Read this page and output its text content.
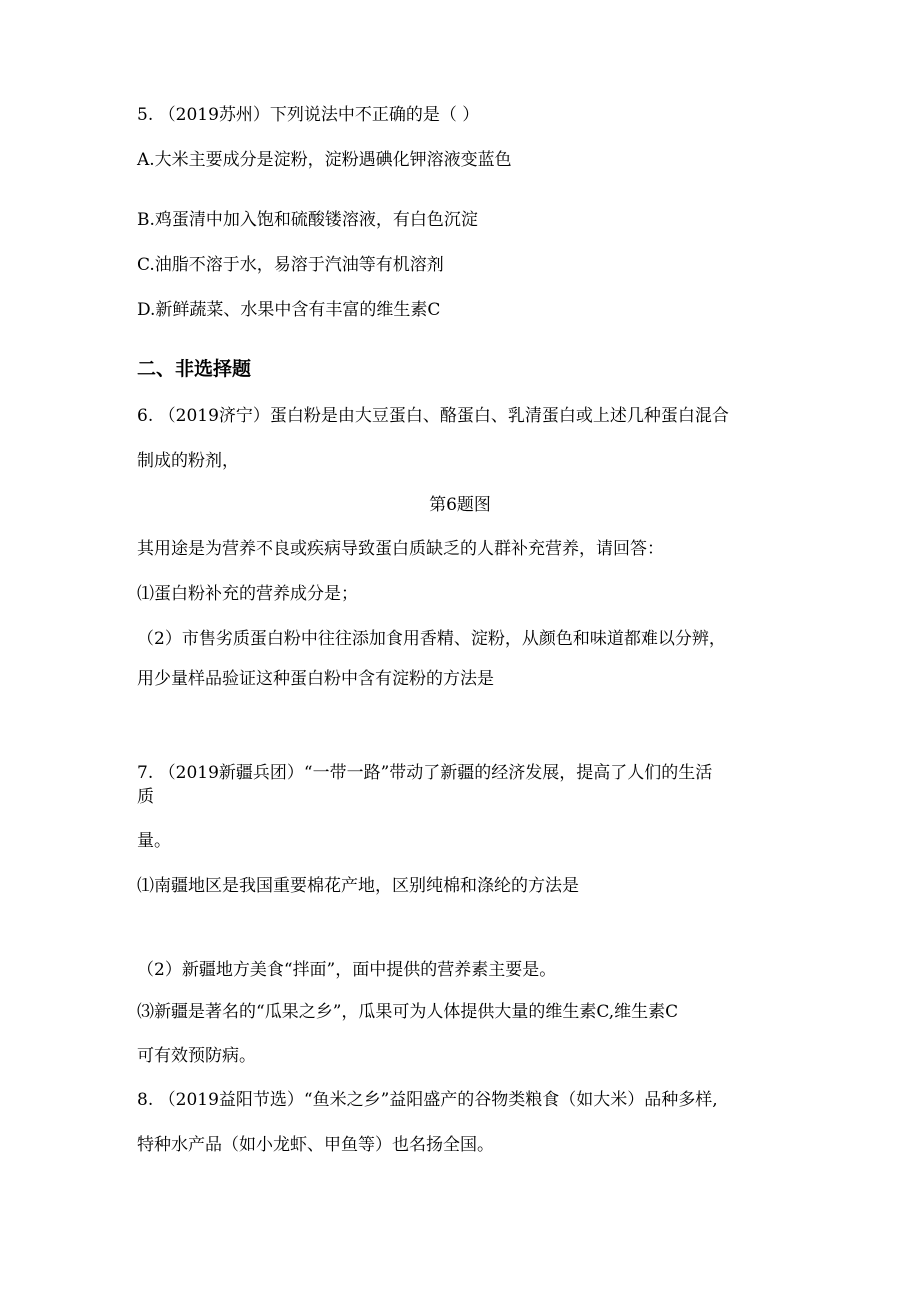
5. （2019苏州）下列说法中不正确的是（ ）
A.大米主要成分是淀粉，淀粉遇碘化钾溶液变蓝色
B.鸡蛋清中加入饱和硫酸镂溶液，有白色沉淀
C.油脂不溶于水，易溶于汽油等有机溶剂
D.新鲜蔬菜、水果中含有丰富的维生素C
二、非选择题
6. （2019济宁）蛋白粉是由大豆蛋白、酪蛋白、乳清蛋白或上述几种蛋白混合
制成的粉剂，
第6题图
其用途是为营养不良或疾病导致蛋白质缺乏的人群补充营养，请回答：
⑴蛋白粉补充的营养成分是；
（2）市售劣质蛋白粉中往往添加食用香精、淀粉，从颜色和味道都难以分辨，
用少量样品验证这种蛋白粉中含有淀粉的方法是
7. （2019新疆兵团）“一带一路”带动了新疆的经济发展，提高了人们的生活
质
量。
⑴南疆地区是我国重要棉花产地，区别纯棉和涤纶的方法是
（2）新疆地方美食“拌面”，面中提供的营养素主要是。
⑶新疆是著名的“瓜果之乡”，瓜果可为人体提供大量的维生素C,维生素C
可有效预防病。
8. （2019益阳节选）“鱼米之乡”益阳盛产的谷物类粮食（如大米）品种多样,
特种水产品（如小龙虾、甲鱼等）也名扬全国。
